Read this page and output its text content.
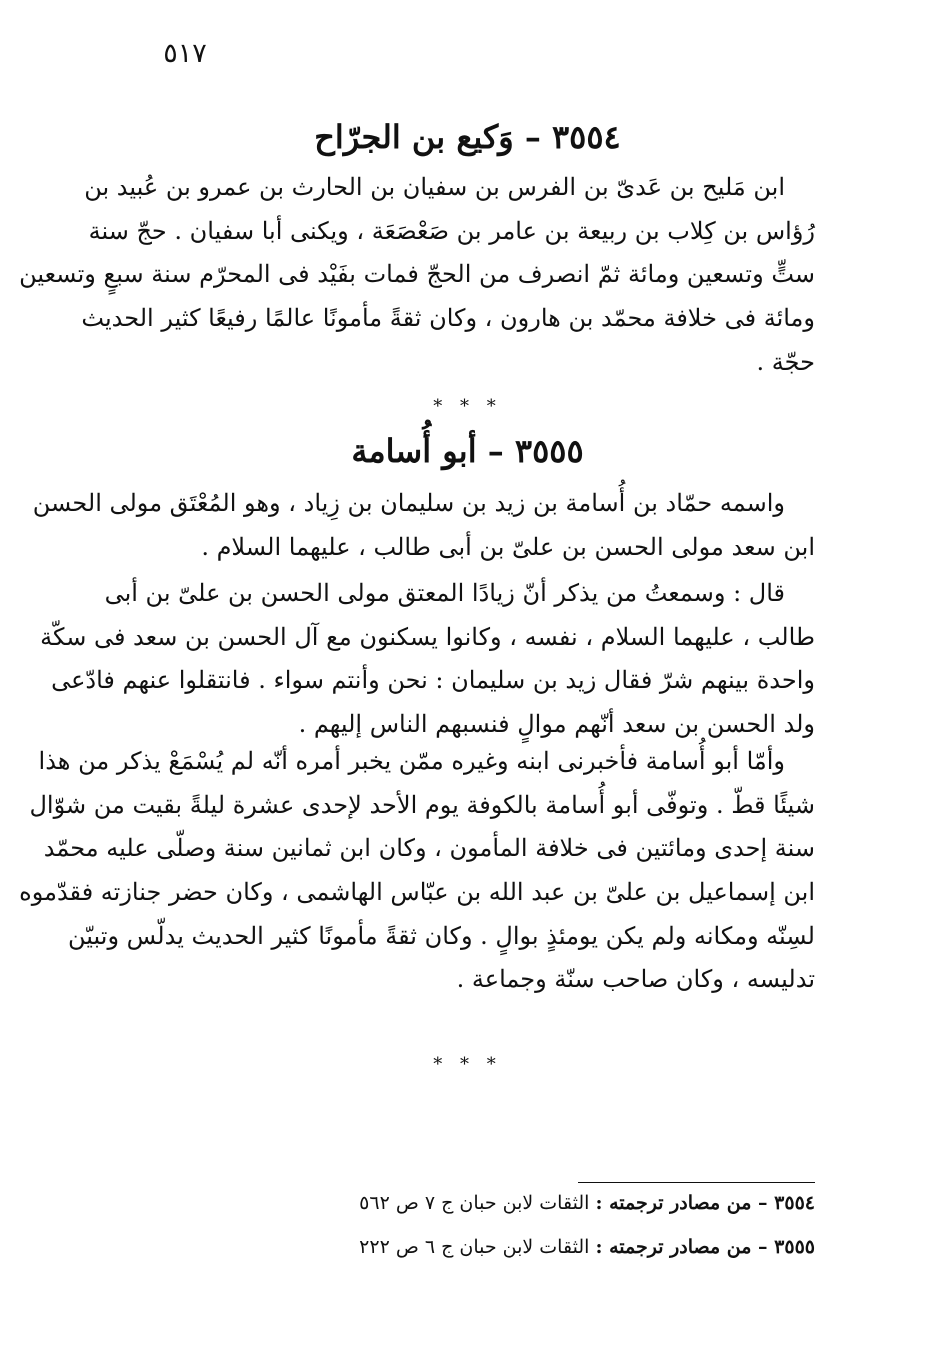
٥١٧
٣٥٥٤ – وَكيع بن الجرّاح
ابن مَليح بن عَدىّ بن الفرس بن سفيان بن الحارث بن عمرو بن عُبيد بن
رُؤاس بن كِلاب بن ربيعة بن عامر بن صَعْصَعَة ، ويكنى أبا سفيان . حجّ سنة
ستٍّ وتسعين ومائة ثمّ انصرف من الحجّ فمات بفَيْد فى المحرّم سنة سبعٍ وتسعين
ومائة فى خلافة محمّد بن هارون ، وكان ثقةً مأمونًا عالمًا رفيعًا كثير الحديث
حجّة .
* * *
٣٥٥٥ – أبو أُسامة
واسمه حمّاد بن أُسامة بن زيد بن سليمان بن زِياد ، وهو المُعْتَق مولى الحسن
ابن سعد مولى الحسن بن علىّ بن أبى طالب ، عليهما السلام .
قال : وسمعتُ من يذكر أنّ زيادًا المعتق مولى الحسن بن علىّ بن أبى
طالب ، عليهما السلام ، نفسه ، وكانوا يسكنون مع آل الحسن بن سعد فى سكّة
واحدة بينهم شرّ فقال زيد بن سليمان : نحن وأنتم سواء . فانتقلوا عنهم فادّعى
ولد الحسن بن سعد أنّهم موالٍ فنسبهم الناس إليهم .
وأمّا أبو أُسامة فأخبرنى ابنه وغيره ممّن يخبر أمره أنّه لم يُسْمَعْ يذكر من هذا
شيئًا قطّ . وتوفّى أبو أُسامة بالكوفة يوم الأحد لإحدى عشرة ليلةً بقيت من شوّال
سنة إحدى ومائتين فى خلافة المأمون ، وكان ابن ثمانين سنة وصلّى عليه محمّد
ابن إسماعيل بن علىّ بن عبد الله بن عبّاس الهاشمى ، وكان حضر جنازته فقدّموه
لسِنّه ومكانه ولم يكن يومئذٍ بوالٍ . وكان ثقةً مأمونًا كثير الحديث يدلّس وتبيّن
تدليسه ، وكان صاحب سنّة وجماعة .
* * *
٣٥٥٤ – من مصادر ترجمته : الثقات لابن حبان ج ٧ ص ٥٦٢
٣٥٥٥ – من مصادر ترجمته : الثقات لابن حبان ج ٦ ص ٢٢٢
